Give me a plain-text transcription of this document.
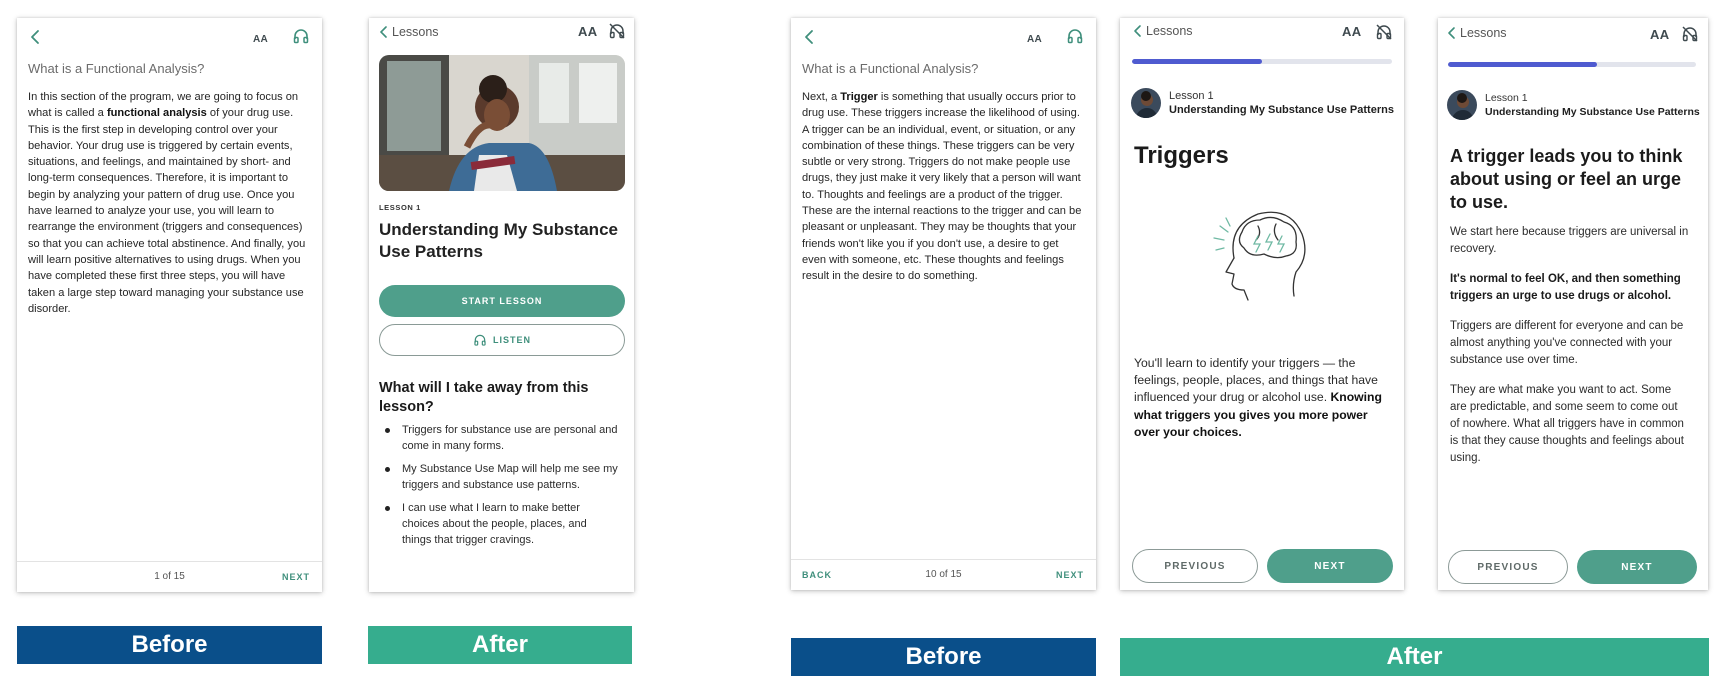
AA
What is a Functional Analysis?
In this section of the program, we are going to focus on what is called a functional analysis of your drug use. This is the first step in developing control over your behavior. Your drug use is triggered by certain events, situations, and feelings, and maintained by short- and long-term consequences. Therefore, it is important to begin by analyzing your pattern of drug use. Once you have learned to analyze your use, you will learn to rearrange the environment (triggers and consequences) so that you can achieve total abstinence. And finally, you will learn positive alternatives to using drugs. When you have completed these first three steps, you will have taken a large step toward managing your substance use disorder.
1 of 15	NEXT
Lessons	AA
LESSON 1
Understanding My Substance Use Patterns
START LESSON
LISTEN
What will I take away from this lesson?
Triggers for substance use are personal and come in many forms.
My Substance Use Map will help me see my triggers and substance use patterns.
I can use what I learn to make better choices about the people, places, and things that trigger cravings.
AA
What is a Functional Analysis?
Next, a Trigger is something that usually occurs prior to drug use. These triggers increase the likelihood of using. A trigger can be an individual, event, or situation, or any combination of these things. These triggers can be very subtle or very strong. Triggers do not make people use drugs, they just make it very likely that a person will want to. Thoughts and feelings are a product of the trigger. These are the internal reactions to the trigger and can be pleasant or unpleasant. They may be thoughts that your friends won't like you if you don't use, a desire to get even with someone, etc. These thoughts and feelings result in the desire to do something.
BACK	10 of 15	NEXT
Lessons	AA
Lesson 1
Understanding My Substance Use Patterns
Triggers
You'll learn to identify your triggers — the feelings, people, places, and things that have influenced your drug or alcohol use. Knowing what triggers you gives you more power over your choices.
PREVIOUS	NEXT
Lessons	AA
Lesson 1
Understanding My Substance Use Patterns
A trigger leads you to think about using or feel an urge to use.
We start here because triggers are universal in recovery.
It's normal to feel OK, and then something triggers an urge to use drugs or alcohol.
Triggers are different for everyone and can be almost anything you've connected with your substance use over time.
They are what make you want to act. Some are predictable, and some seem to come out of nowhere. What all triggers have in common is that they cause thoughts and feelings about using.
PREVIOUS	NEXT
Before	After	Before	After
